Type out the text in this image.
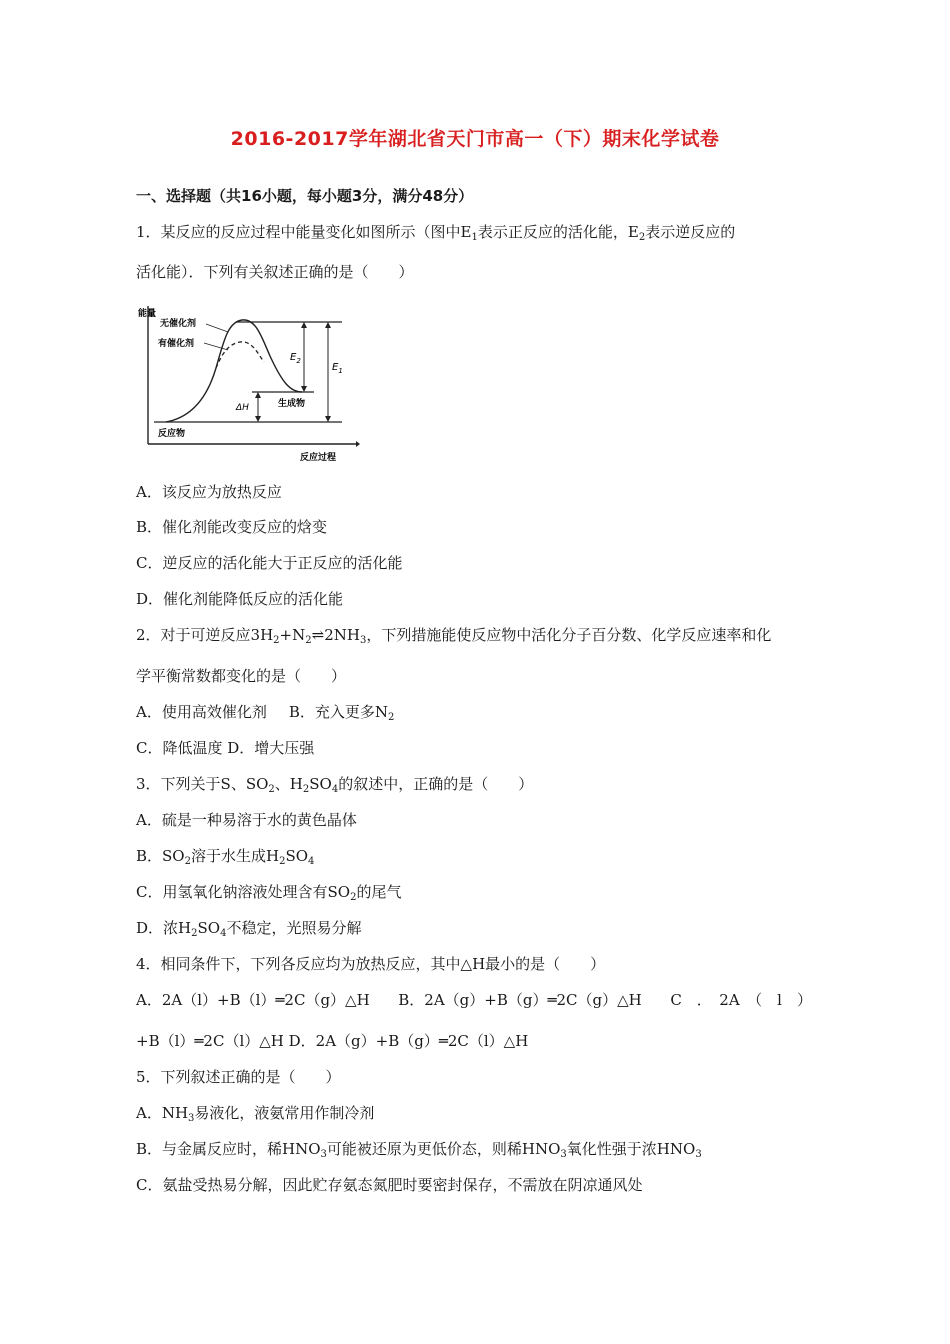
2016-2017学年湖北省天门市高一（下）期末化学试卷
一、选择题（共16小题，每小题3分，满分48分）
1．某反应的反应过程中能量变化如图所示（图中$E_1$表示正反应的活化能，$E_2$表示逆反应的
活化能）．下列有关叙述正确的是（　　）
能量
$E_2$
$E_1$
ΔH
无催化剂
有催化剂
生成物
反应物
反应过程
A．该反应为放热反应
B．催化剂能改变反应的焓变
C．逆反应的活化能大于正反应的活化能
D．催化剂能降低反应的活化能
2．对于可逆反应$3H_2+N_2\rightleftharpoons 2NH_3$，下列措施能使反应物中活化分子百分数、化学反应速率和化
学平衡常数都变化的是（　　）
A．使用高效催化剂 B．充入更多$N_2$
C．降低温度 D．增大压强
3．下列关于S、$SO_2$、$H_2SO_4$的叙述中，正确的是（　　）
A．硫是一种易溶于水的黄色晶体
B．$SO_2$溶于水生成$H_2SO_4$
C．用氢氧化钠溶液处理含有$SO_2$的尾气
D．浓$H_2SO_4$不稳定，光照易分解
4．相同条件下，下列各反应均为放热反应，其中△H最小的是（　　）
A．2A（l）+B（l）═2C（g）△H B．2A（g）+B（g）═2C（g）△H C　．　2A　（　l　）
+B（l）═2C（l）△H D．2A（g）+B（g）═2C（l）△H
5．下列叙述正确的是（　　）
A．$NH_3$易液化，液氨常用作制冷剂
B．与金属反应时，稀$HNO_3$可能被还原为更低价态，则稀$HNO_3$氧化性强于浓$HNO_3$
C．氨盐受热易分解，因此贮存氨态氮肥时要密封保存，不需放在阴凉通风处
